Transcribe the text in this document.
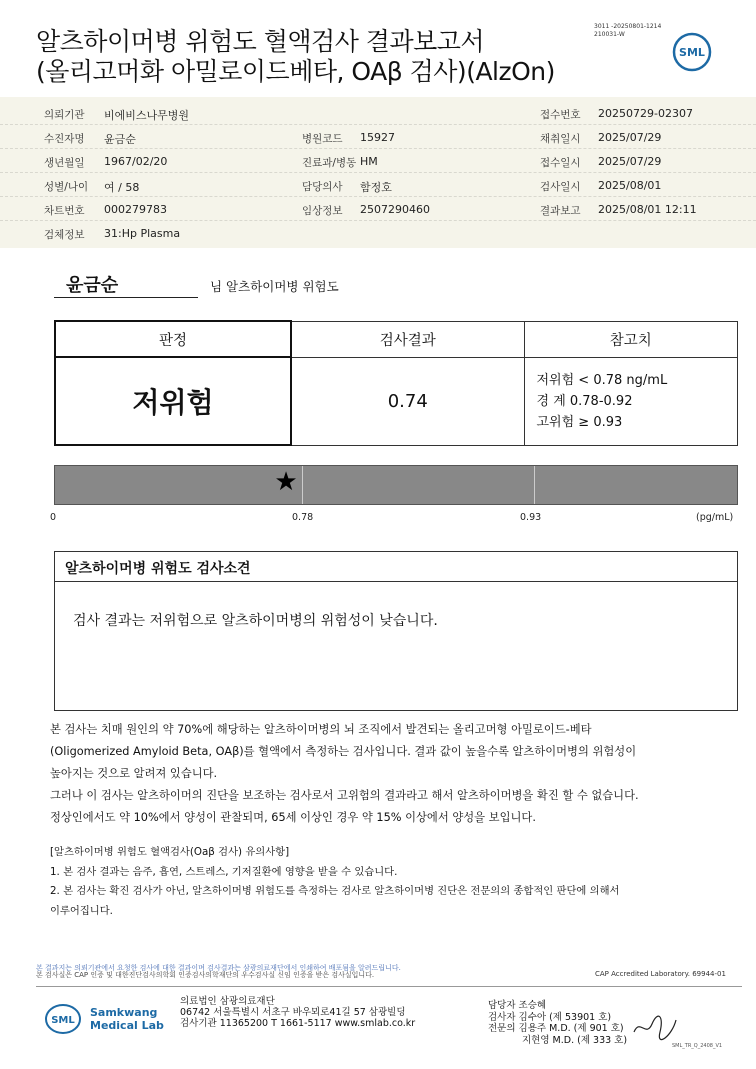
알츠하이머병 위험도 혈액검사 결과보고서
(올리고머화 아밀로이드베타, OAβ 검사)(AlzOn)
3011 -20250801-1214
210031-W
SML
의뢰기관 비에비스나무병원	접수번호 20250729-02307
수진자명 윤금순	병원코드 15927	채취일시 2025/07/29
생년월일 1967/02/20	진료과/병동 HM	접수일시 2025/07/29
성별/나이 여 / 58	담당의사 함정호	검사일시 2025/08/01
차트번호 000279783	임상정보 2507290460	결과보고 2025/08/01 12:11
검체정보 31:Hp Plasma
윤금순	님 알츠하이머병 위험도
판정	검사결과	참고치
저위험	0.74	저위험 < 0.78 ng/mL
경 계 0.78-0.92
고위험 ≥ 0.93
★
0	0.78	0.93	(pg/mL)
알츠하이머병 위험도 검사소견
검사 결과는 저위험으로 알츠하이머병의 위험성이 낮습니다.
본 검사는 치매 원인의 약 70%에 해당하는 알츠하이머병의 뇌 조직에서 발견되는 올리고머형 아밀로이드-베타
(Oligomerized Amyloid Beta, OAβ)를 혈액에서 측정하는 검사입니다. 결과 값이 높을수록 알츠하이머병의 위험성이
높아지는 것으로 알려져 있습니다.
그러나 이 검사는 알츠하이머의 진단을 보조하는 검사로서 고위험의 결과라고 해서 알츠하이머병을 확진 할 수 없습니다.
정상인에서도 약 10%에서 양성이 관찰되며, 65세 이상인 경우 약 15% 이상에서 양성을 보입니다.
[알츠하이머병 위험도 혈액검사(Oaβ 검사) 유의사항]
1. 본 검사 결과는 음주, 흡연, 스트레스, 기저질환에 영향을 받을 수 있습니다.
2. 본 검사는 확진 검사가 아닌, 알츠하이머병 위험도를 측정하는 검사로 알츠하이머병 진단은 전문의의 종합적인 판단에 의해서
이루어집니다.
본 결과지는 의뢰기관에서 요청한 검사에 대한 결과이며 검사결과는 삼광의료재단에서 인쇄하여 배포됨을 알려드립니다.
본 검사실은 CAP 인증 및 대한진단검사의학회 인증검사의학재단의 우수검사실 신임 인증을 받은 검사실입니다.	CAP Accredited Laboratory. 69944-01
SML
Samkwang
Medical Lab
의료법인 삼광의료재단
06742 서울특별시 서초구 바우뫼로41길 57 삼광빌딩
검사기관 11365200 T 1661-5117 www.smlab.co.kr
담당자 조승혜
검사자 김수아 (제 53901 호)
전문의 김용주 M.D. (제 901 호)
지현영 M.D. (제 333 호)
SML_TR_Q_2408_V1
